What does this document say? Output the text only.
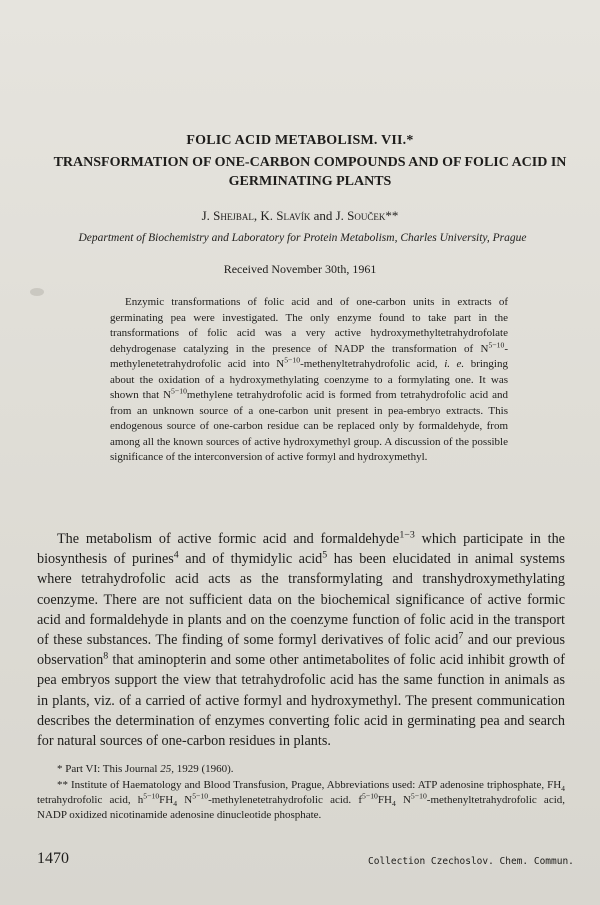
FOLIC ACID METABOLISM. VII.*
TRANSFORMATION OF ONE-CARBON COMPOUNDS AND OF FOLIC ACID IN GERMINATING PLANTS
J. Shejbal, K. Slavík and J. Souček**
Department of Biochemistry and Laboratory for Protein Metabolism, Charles University, Prague
Received November 30th, 1961
Enzymic transformations of folic acid and of one-carbon units in extracts of germinating pea were investigated. The only enzyme found to take part in the transformations of folic acid was a very active hydroxymethyltetrahydrofolate dehydrogenase catalyzing in the presence of NADP the transformation of $N^{5-10}$-methylenetetrahydrofolic acid into $N^{5-10}$-methenyltetrahydrofolic acid, i. e. bringing about the oxidation of a hydroxymethylating coenzyme to a formylating one. It was shown that $N^{5-10}methylene$ tetrahydrofolic acid is formed from tetrahydrofolic acid and from an unknown source of a one-carbon unit present in pea-embryo extracts. This endogenous source of one-carbon residue can be replaced only by formaldehyde, from among all the known sources of active hydroxymethyl group. A discussion of the possible significance of the interconversion of active formyl and hydroxymethyl.
The metabolism of active formic acid and formaldehyde$^{1-3}$ which participate in the biosynthesis of purines$^4$ and of thymidylic acid$^5$ has been elucidated in animal systems where tetrahydrofolic acid acts as the transformylating and transhydroxymethylating coenzyme. There are not sufficient data on the biochemical significance of active formic acid and formaldehyde in plants and on the coenzyme function of folic acid in the transport of these substances. The finding of some formyl derivatives of folic acid$^7$ and our previous observation$^8$ that aminopterin and some other antimetabolites of folic acid inhibit growth of pea embryos support the view that tetrahydrofolic acid has the same function in animals as in plants, viz. of a carried of active formyl and hydroxymethyl. The present communication describes the determination of enzymes converting folic acid in germinating pea and search for natural sources of one-carbon residues in plants.

* Part VI: This Journal 25, 1929 (1960).

** Institute of Haematology and Blood Transfusion, Prague, Abbreviations used: ATP adenosine triphosphate, $FH_4$ tetrahydrofolic acid, $h^{5-10}FH_4$ $N^{5-10}$-methylenetetrahydrofolic acid. $f^{5-10}FH_4$ $N^{5-10}$-methenyltetrahydrofolic acid, NADP oxidized nicotinamide adenosine dinucleotide phosphate.

1470	Collection Czechoslov. Chem. Commun.
